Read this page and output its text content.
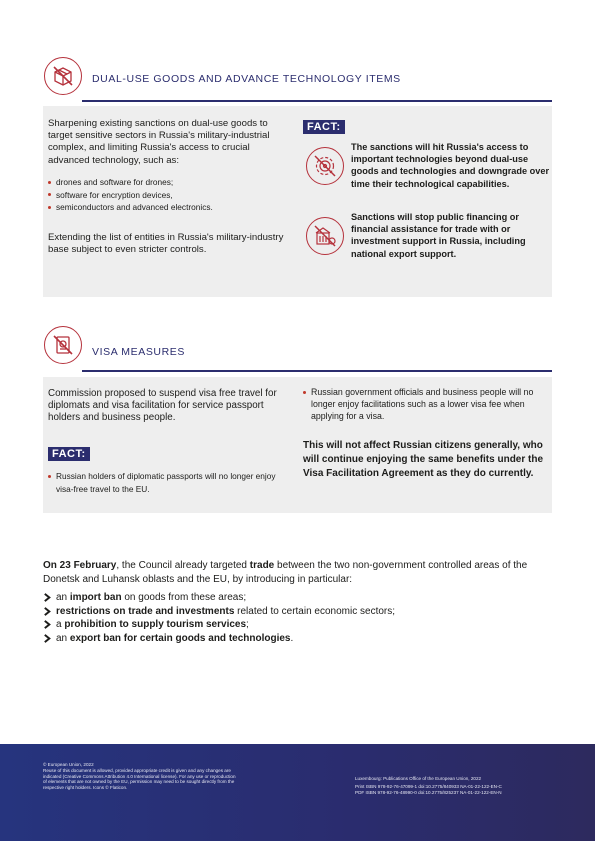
DUAL-USE GOODS AND ADVANCE TECHNOLOGY ITEMS
Sharpening existing sanctions on dual-use goods to target sensitive sectors in Russia's military-industrial complex, and limiting Russia's access to crucial advanced technology, such as:
drones and software for drones;
software for encryption devices,
semiconductors and advanced electronics.
Extending the list of entities in Russia's military-industry base subject to even stricter controls.
FACT:
The sanctions will hit Russia's access to important technologies beyond dual-use goods and technologies and downgrade over time their technological capabilities.
Sanctions will stop public financing or financial assistance for trade with or investment support in Russia, including national export support.
VISA MEASURES
Commission proposed to suspend visa free travel for diplomats and visa facilitation for service passport holders and business people.
FACT:
Russian holders of diplomatic passports will no longer enjoy visa-free travel to the EU.
Russian government officials and business people will no longer enjoy facilitations such as a lower visa fee when applying for a visa.
This will not affect Russian citizens generally, who will continue enjoying the same benefits under the Visa Facilitation Agreement as they do currently.
On 23 February, the Council already targeted trade between the two non-government controlled areas of the Donetsk and Luhansk oblasts and the EU, by introducing in particular:
an import ban on goods from these areas;
restrictions on trade and investments related to certain economic sectors;
a prohibition to supply tourism services;
an export ban for certain goods and technologies.
© European Union, 2022
Reuse of this document is allowed, provided appropriate credit is given and any changes are
indicated (Creative Commons Attribution 4.0 International license). For any use or reproduction
of elements that are not owned by the EU, permission may need to be sought directly from the
respective right holders. Icons © Flaticon.
Luxembourg: Publications Office of the European Union, 2022
Print ISBN 978-92-76-47099-1 doi:10.2775/840933 NA-01-22-122-EN-C
PDF ISBN 978-92-76-48990-0 doi:10.2775/825237 NA-01-22-122-EN-N
